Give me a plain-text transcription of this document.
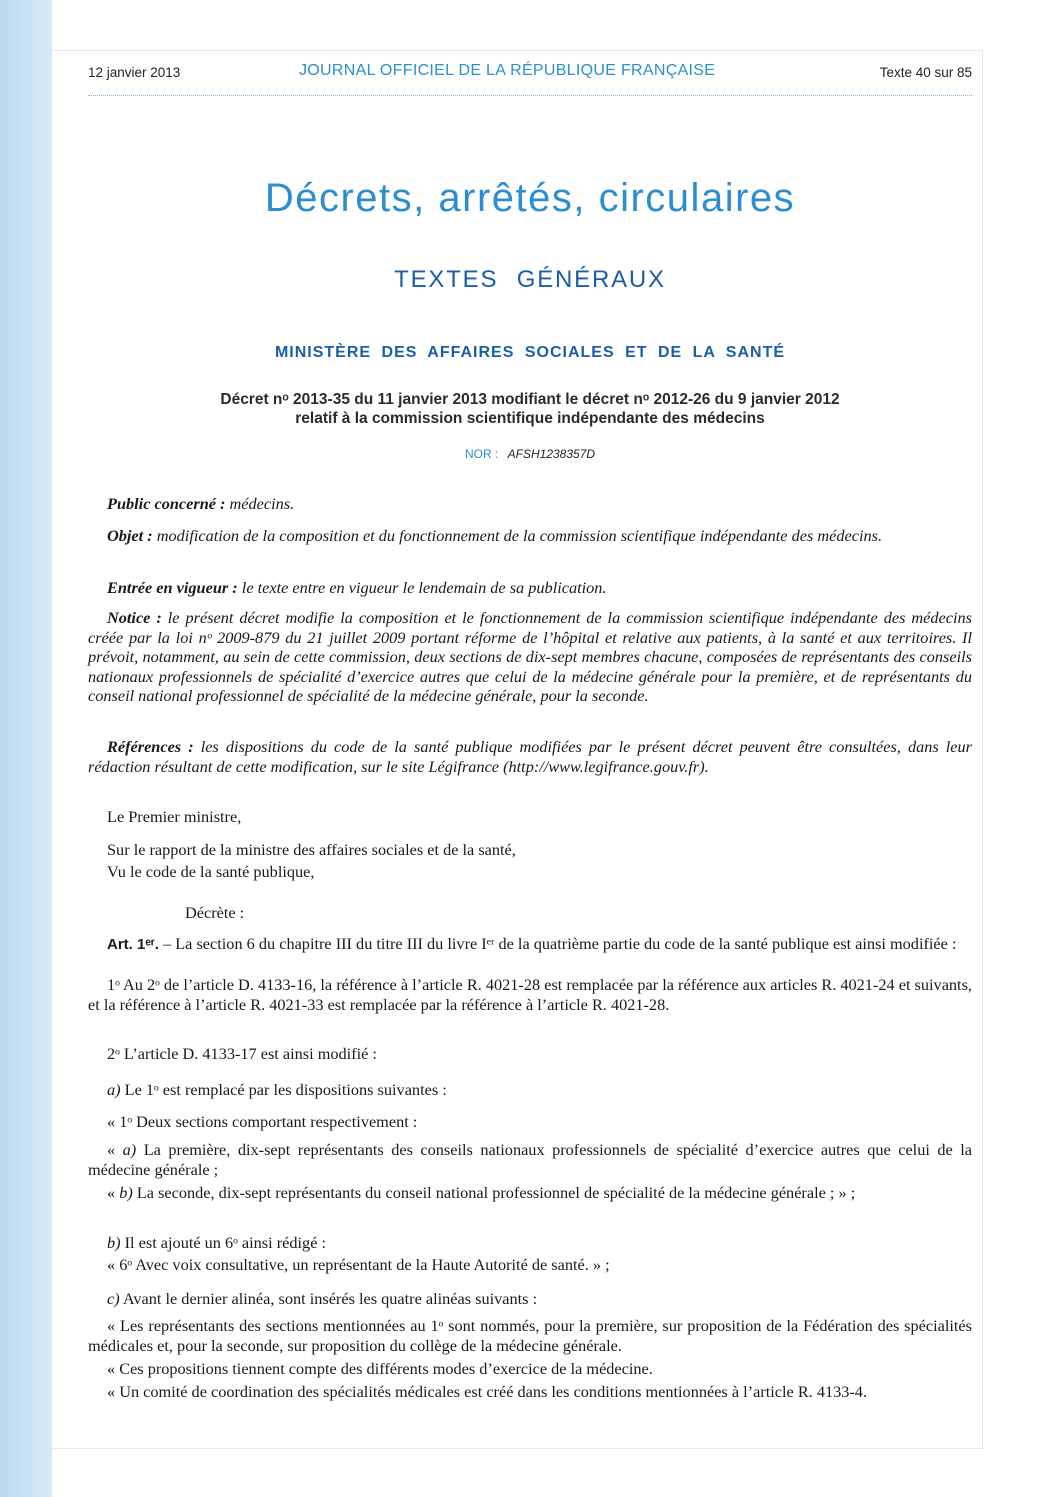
12 janvier 2013	JOURNAL OFFICIEL DE LA RÉPUBLIQUE FRANÇAISE	Texte 40 sur 85
Décrets, arrêtés, circulaires
TEXTES GÉNÉRAUX
MINISTÈRE DES AFFAIRES SOCIALES ET DE LA SANTÉ
Décret nᵒ 2013-35 du 11 janvier 2013 modifiant le décret nᵒ 2012-26 du 9 janvier 2012
relatif à la commission scientifique indépendante des médecins
NOR : AFSH1238357D
Public concerné : médecins.
Objet : modification de la composition et du fonctionnement de la commission scientifique indépendante des médecins.
Entrée en vigueur : le texte entre en vigueur le lendemain de sa publication.
Notice : le présent décret modifie la composition et le fonctionnement de la commission scientifique indépendante des médecins créée par la loi nᵒ 2009-879 du 21 juillet 2009 portant réforme de l’hôpital et relative aux patients, à la santé et aux territoires. Il prévoit, notamment, au sein de cette commission, deux sections de dix-sept membres chacune, composées de représentants des conseils nationaux professionnels de spécialité d’exercice autres que celui de la médecine générale pour la première, et de représentants du conseil national professionnel de spécialité de la médecine générale, pour la seconde.
Références : les dispositions du code de la santé publique modifiées par le présent décret peuvent être consultées, dans leur rédaction résultant de cette modification, sur le site Légifrance (http://www.legifrance.gouv.fr).
Le Premier ministre,
Sur le rapport de la ministre des affaires sociales et de la santé,
Vu le code de la santé publique,
Décrète :
Art. 1ᵉʳ. – La section 6 du chapitre III du titre III du livre Iᵉʳ de la quatrième partie du code de la santé publique est ainsi modifiée :
1ᵒ Au 2ᵒ de l’article D. 4133-16, la référence à l’article R. 4021-28 est remplacée par la référence aux articles R. 4021-24 et suivants, et la référence à l’article R. 4021-33 est remplacée par la référence à l’article R. 4021-28.
2ᵒ L’article D. 4133-17 est ainsi modifié :
a) Le 1ᵒ est remplacé par les dispositions suivantes :
« 1ᵒ Deux sections comportant respectivement :
« a) La première, dix-sept représentants des conseils nationaux professionnels de spécialité d’exercice autres que celui de la médecine générale ;
« b) La seconde, dix-sept représentants du conseil national professionnel de spécialité de la médecine générale ; » ;
b) Il est ajouté un 6ᵒ ainsi rédigé :
« 6ᵒ Avec voix consultative, un représentant de la Haute Autorité de santé. » ;
c) Avant le dernier alinéa, sont insérés les quatre alinéas suivants :
« Les représentants des sections mentionnées au 1ᵒ sont nommés, pour la première, sur proposition de la Fédération des spécialités médicales et, pour la seconde, sur proposition du collège de la médecine générale.
« Ces propositions tiennent compte des différents modes d’exercice de la médecine.
« Un comité de coordination des spécialités médicales est créé dans les conditions mentionnées à l’article R. 4133-4.
